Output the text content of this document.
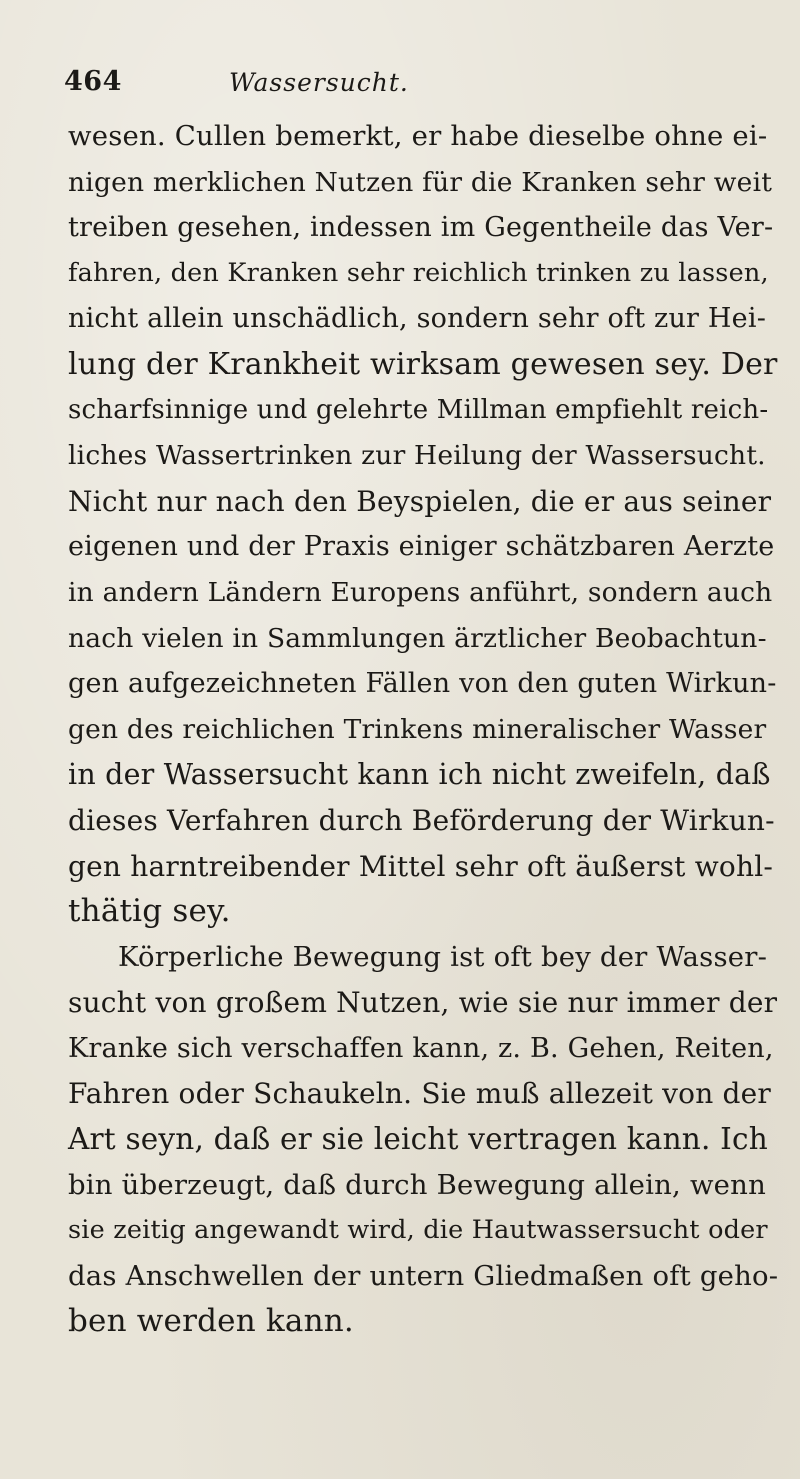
464	Wassersucht.
wesen. Cullen bemerkt, er habe dieselbe ohne ei-
nigen merklichen Nutzen für die Kranken sehr weit
treiben gesehen, indessen im Gegentheile das Ver-
fahren, den Kranken sehr reichlich trinken zu lassen,
nicht allein unschädlich, sondern sehr oft zur Hei-
lung der Krankheit wirksam gewesen sey. Der
scharfsinnige und gelehrte Millman empfiehlt reich-
liches Wassertrinken zur Heilung der Wassersucht.
Nicht nur nach den Beyspielen, die er aus seiner
eigenen und der Praxis einiger schätzbaren Aerzte
in andern Ländern Europens anführt, sondern auch
nach vielen in Sammlungen ärztlicher Beobachtun-
gen aufgezeichneten Fällen von den guten Wirkun-
gen des reichlichen Trinkens mineralischer Wasser
in der Wassersucht kann ich nicht zweifeln, daß
dieses Verfahren durch Beförderung der Wirkun-
gen harntreibender Mittel sehr oft äußerst wohl-
thätig sey.
Körperliche Bewegung ist oft bey der Wasser-
sucht von großem Nutzen, wie sie nur immer der
Kranke sich verschaffen kann, z. B. Gehen, Reiten,
Fahren oder Schaukeln. Sie muß allezeit von der
Art seyn, daß er sie leicht vertragen kann. Ich
bin überzeugt, daß durch Bewegung allein, wenn
sie zeitig angewandt wird, die Hautwassersucht oder
das Anschwellen der untern Gliedmaßen oft geho-
ben werden kann.
